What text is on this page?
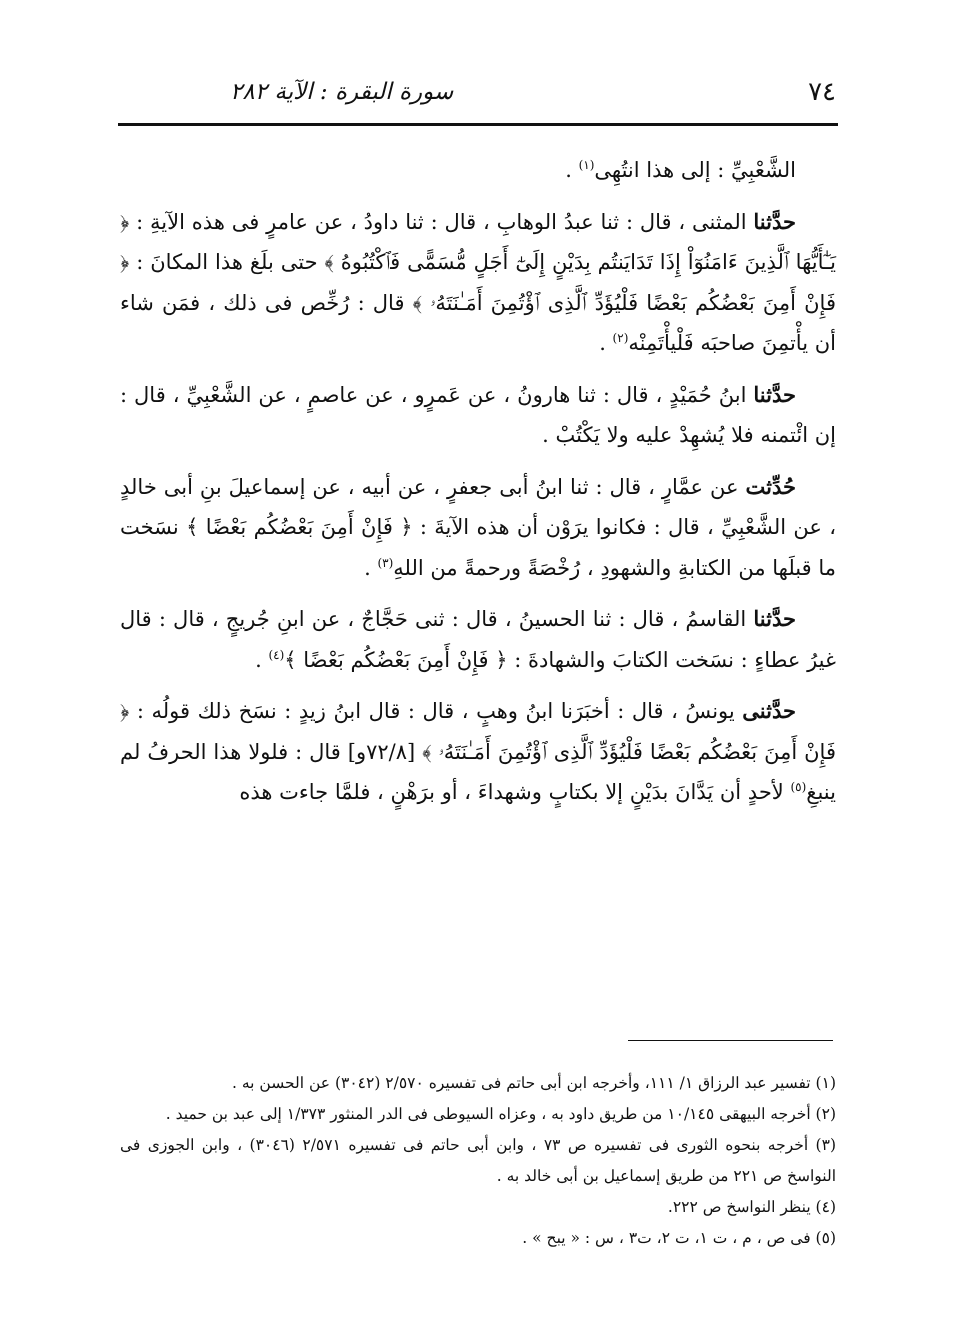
٧٤
سورة البقرة : الآية ٢٨٢

الشَّعْبِيِّ : إلى هذا انتُهِى$^{(١)}$ .

حدَّثنا المثنى ، قال : ثنا عبدُ الوهابِ ، قال : ثنا داودُ ، عن عامرٍ فى هذه الآيةِ : ﴿ يَـٰٓأَيُّهَا ٱلَّذِينَ ءَامَنُوٓاْ إِذَا تَدَايَنتُم بِدَيْنٍ إِلَىٰٓ أَجَلٍ مُّسَمًّى فَٱكْتُبُوهُ ﴾ حتى بلَغ هذا المكانَ : ﴿ فَإِنْ أَمِنَ بَعْضُكُم بَعْضًا فَلْيُؤَدِّ ٱلَّذِى ٱؤْتُمِنَ أَمَـٰنَتَهُۥ ﴾ قال : رُخِّص فى ذلك ، فمَن شاء أن يأْتمِنَ صاحبَه فَلْيأْتَمِنْه$^{(٢)}$ .

حدَّثنا ابنُ حُمَيْدٍ ، قال : ثنا هارونُ ، عن عَمرٍو ، عن عاصمٍ ، عن الشَّعْبِيِّ ، قال : إن ائْتمنه فلا يُشهِدْ عليه ولا يَكْتُبْ .

حُدِّثت عن عمَّارٍ ، قال : ثنا ابنُ أبى جعفرٍ ، عن أبيه ، عن إسماعيلَ بنِ أبى خالدٍ ، عن الشَّعْبِيِّ ، قال : فكانوا يرَوْن أن هذه الآيةَ : ﴿ فَإِنْ أَمِنَ بَعْضُكُم بَعْضًا ﴾ نسَخت ما قبلَها من الكتابةِ والشهودِ ، رُخْصَةً ورحمةً من اللهِ$^{(٣)}$ .

حدَّثنا القاسمُ ، قال : ثنا الحسينُ ، قال : ثنى حَجَّاجٌ ، عن ابنِ جُريجٍ ، قال : قال غيرُ عطاءٍ : نسَخت الكتابَ والشهادةَ : ﴿ فَإِنْ أَمِنَ بَعْضُكُم بَعْضًا ﴾$^{(٤)}$ .

حدَّثنى يونسُ ، قال : أخبَرَنا ابنُ وهبٍ ، قال : قال ابنُ زيدٍ : نسَخ ذلك قولُه : ﴿ فَإِنْ أَمِنَ بَعْضُكُم بَعْضًا فَلْيُؤَدِّ ٱلَّذِى ٱؤْتُمِنَ أَمَـٰنَتَهُۥ ﴾ [٧٢/٨و] قال : فلولا هذا الحرفُ لم ينبغِ$^{(٥)}$ لأحدٍ أن يَدَّانَ بدَيْنٍ إلا بكتابٍ وشهداءَ ، أو برَهْنٍ ، فلمَّا جاءت هذه

(١) تفسير عبد الرزاق ١/ ١١١، وأخرجه ابن أبى حاتم فى تفسيره ٢/٥٧٠ (٣٠٤٢) عن الحسن به .

(٢) أخرجه البيهقى ١٠/١٤٥ من طريق داود به ، وعزاه السيوطى فى الدر المنثور ١/٣٧٣ إلى عبد بن حميد .

(٣) أخرجه بنحوه الثورى فى تفسيره ص ٧٣ ، وابن أبى حاتم فى تفسيره ٢/٥٧١ (٣٠٤٦) ، وابن الجوزى فى النواسخ ص ٢٢١ من طريق إسماعيل بن أبى خالد به .

(٤) ينظر النواسخ ص ٢٢٢.

(٥) فى ص ، م ، ت ١، ت ٢، ت٣ ، س : « يبح » .
